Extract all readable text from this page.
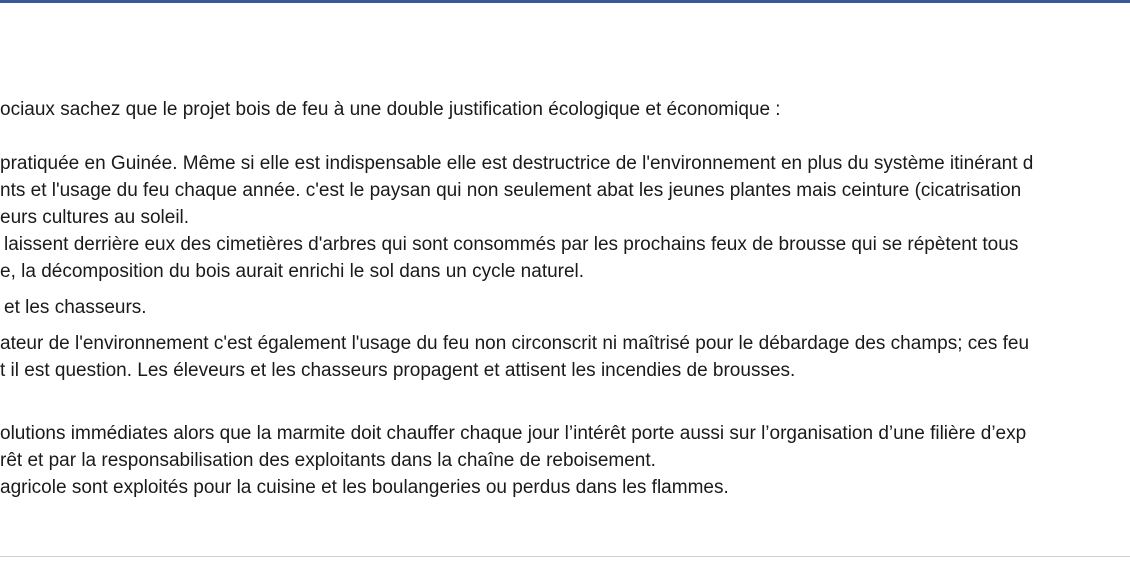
ociaux sachez que le projet bois de feu à une double justification écologique et économique :
pratiquée en Guinée. Même si elle est indispensable elle est destructrice de l'environnement en plus du système itinérant d
nts et l'usage du feu chaque année. c'est le paysan qui non seulement abat les jeunes plantes mais ceinture (cicatrisation
eurs cultures au soleil.
laissent derrière eux des cimetières d'arbres qui sont consommés par les prochains feux de brousse qui se répètent tous
e, la décomposition du bois aurait enrichi le sol dans un cycle naturel.
et les chasseurs.
ateur de l'environnement c'est également l'usage du feu non circonscrit ni maîtrisé pour le débardage des champs; ces feu
t il est question. Les éleveurs et les chasseurs propagent et attisent les incendies de brousses.
olutions immédiates alors que la marmite doit chauffer chaque jour l’intérêt porte aussi sur l’organisation d’une filière d’exp
rêt et par la responsabilisation des exploitants dans la chaîne de reboisement.
agricole sont exploités pour la cuisine et les boulangeries ou perdus dans les flammes.
